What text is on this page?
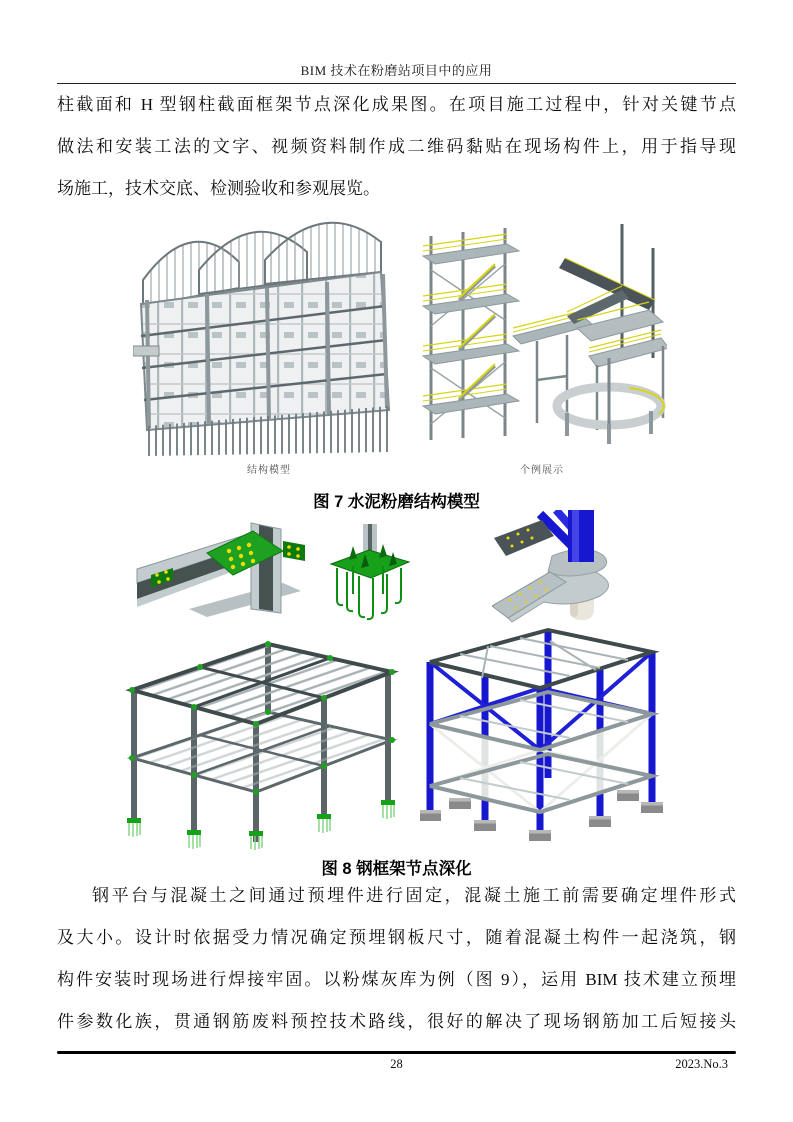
BIM 技术在粉磨站项目中的应用
柱截面和 H 型钢柱截面框架节点深化成果图。在项目施工过程中，针对关键节点
做法和安装工法的文字、视频资料制作成二维码黏贴在现场构件上，用于指导现
场施工，技术交底、检测验收和参观展览。
结构模型	个例展示
图 7 水泥粉磨结构模型
图 8 钢框架节点深化
钢平台与混凝土之间通过预埋件进行固定，混凝土施工前需要确定埋件形式
及大小。设计时依据受力情况确定预埋钢板尺寸，随着混凝土构件一起浇筑，钢
构件安装时现场进行焊接牢固。以粉煤灰库为例（图 9），运用 BIM 技术建立预埋
件参数化族，贯通钢筋废料预控技术路线，很好的解决了现场钢筋加工后短接头
28	2023.No.3
